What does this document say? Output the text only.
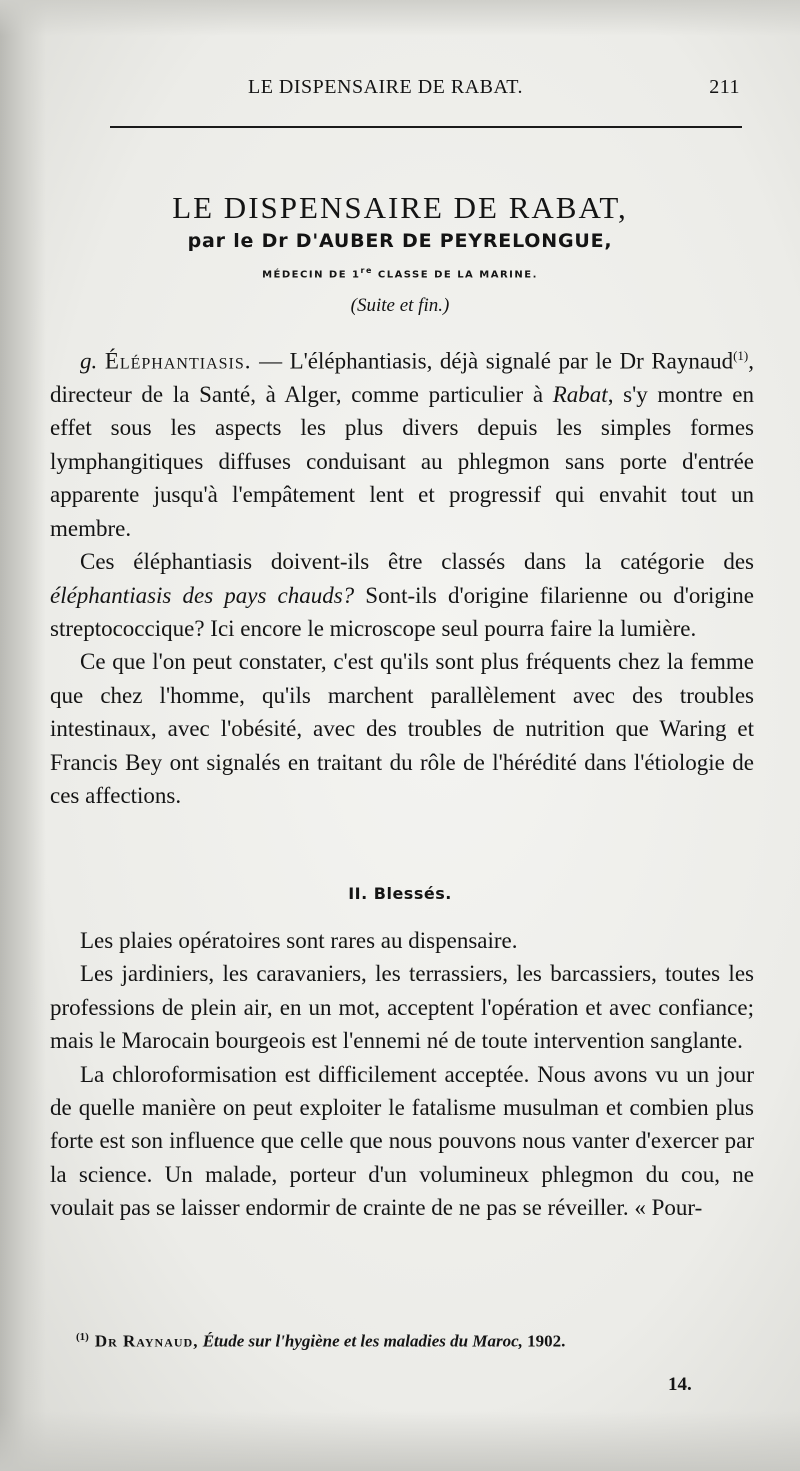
LE DISPENSAIRE DE RABAT.	211
LE DISPENSAIRE DE RABAT,
par le Dr D'AUBER DE PEYRELONGUE,
MÉDECIN DE 1re CLASSE DE LA MARINE.
(Suite et fin.)

g. Éléphantiasis. — L'éléphantiasis, déjà signalé par le Dr Raynaud$^{(1)}$, directeur de la Santé, à Alger, comme particulier à Rabat, s'y montre en effet sous les aspects les plus divers depuis les simples formes lymphangitiques diffuses conduisant au phlegmon sans porte d'entrée apparente jusqu'à l'empâtement lent et progressif qui envahit tout un membre.

Ces éléphantiasis doivent-ils être classés dans la catégorie des éléphantiasis des pays chauds? Sont-ils d'origine filarienne ou d'origine streptococcique? Ici encore le microscope seul pourra faire la lumière.

Ce que l'on peut constater, c'est qu'ils sont plus fréquents chez la femme que chez l'homme, qu'ils marchent parallèlement avec des troubles intestinaux, avec l'obésité, avec des troubles de nutrition que Waring et Francis Bey ont signalés en traitant du rôle de l'hérédité dans l'étiologie de ces affections.

II. Blessés.

Les plaies opératoires sont rares au dispensaire.

Les jardiniers, les caravaniers, les terrassiers, les barcassiers, toutes les professions de plein air, en un mot, acceptent l'opération et avec confiance; mais le Marocain bourgeois est l'ennemi né de toute intervention sanglante.

La chloroformisation est difficilement acceptée. Nous avons vu un jour de quelle manière on peut exploiter le fatalisme musulman et combien plus forte est son influence que celle que nous pouvons nous vanter d'exercer par la science. Un malade, porteur d'un volumineux phlegmon du cou, ne voulait pas se laisser endormir de crainte de ne pas se réveiller. « Pour-

$^{(1)}$ Dr Raynaud, Étude sur l'hygiène et les maladies du Maroc, 1902.
14.
